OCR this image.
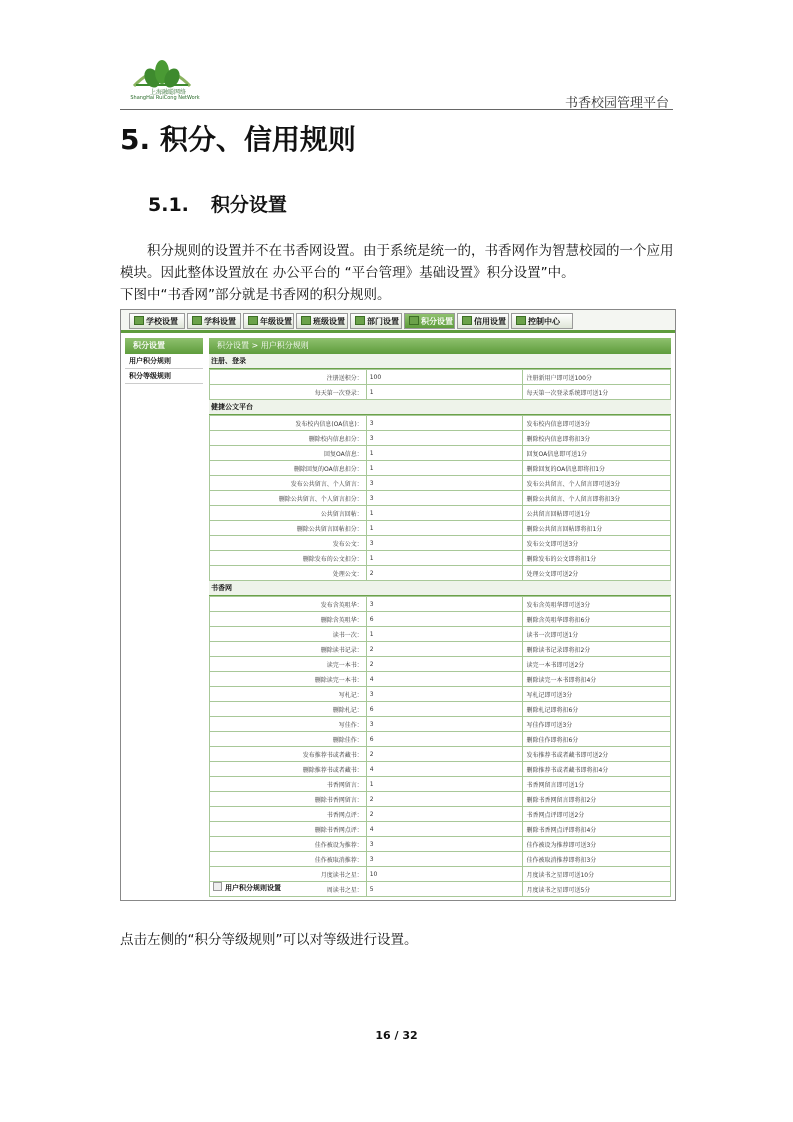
上海融聪网络
ShangHai RuiCong NetWork	书香校园管理平台
5. 积分、信用规则
5.1. 积分设置

积分规则的设置并不在书香网设置。由于系统是统一的，书香网作为智慧校园的一个应用模块。因此整体设置放在 办公平台的 “平台管理》基础设置》积分设置”中。

下图中“书香网”部分就是书香网的积分规则。

学校设置	学科设置	年级设置	班级设置	部门设置	积分设置	信用设置	控制中心
积分设置
用户积分规则
积分等级规则
积分设置 > 用户积分规则
注册、登录
注册送积分：	100	注册新用户即可送100分
每天第一次登录：	1	每天第一次登录系统即可送1分
健捷公文平台
发布校内信息(OA信息)：	3	发布校内信息即可送3分
删除校内信息扣分：	3	删除校内信息即将扣3分
回复OA信息：	1	回复OA信息即可送1分
删除回复的OA信息扣分：	1	删除回复的OA信息即将扣1分
发布公共留言、个人留言：	3	发布公共留言、个人留言即可送3分
删除公共留言、个人留言扣分：	3	删除公共留言、个人留言即将扣3分
公共留言回帖：	1	公共留言回帖即可送1分
删除公共留言回帖扣分：	1	删除公共留言回帖即将扣1分
发布公文：	3	发布公文即可送3分
删除发布的公文扣分：	1	删除发布的公文即将扣1分
处理公文：	2	处理公文即可送2分
书香网
发布含英咀华：	3	发布含英咀华即可送3分
删除含英咀华：	6	删除含英咀华即将扣6分
读书一次：	1	读书一次即可送1分
删除读书记录：	2	删除读书记录即将扣2分
读完一本书：	2	读完一本书即可送2分
删除读完一本书：	4	删除读完一本书即将扣4分
写札记：	3	写札记即可送3分
删除札记：	6	删除札记即将扣6分
写佳作：	3	写佳作即可送3分
删除佳作：	6	删除佳作即将扣6分
发布推荐书或者藏书：	2	发布推荐书或者藏书即可送2分
删除推荐书或者藏书：	4	删除推荐书或者藏书即将扣4分
书香网留言：	1	书香网留言即可送1分
删除书香网留言：	2	删除书香网留言即将扣2分
书香网点评：	2	书香网点评即可送2分
删除书香网点评：	4	删除书香网点评即将扣4分
佳作被设为推荐：	3	佳作被设为推荐即可送3分
佳作被取消推荐：	3	佳作被取消推荐即将扣3分
月度读书之星：	10	月度读书之星即可送10分
周读书之星：	5	月度读书之星即可送5分
用户积分规则设置
点击左侧的“积分等级规则”可以对等级进行设置。
16 / 32
